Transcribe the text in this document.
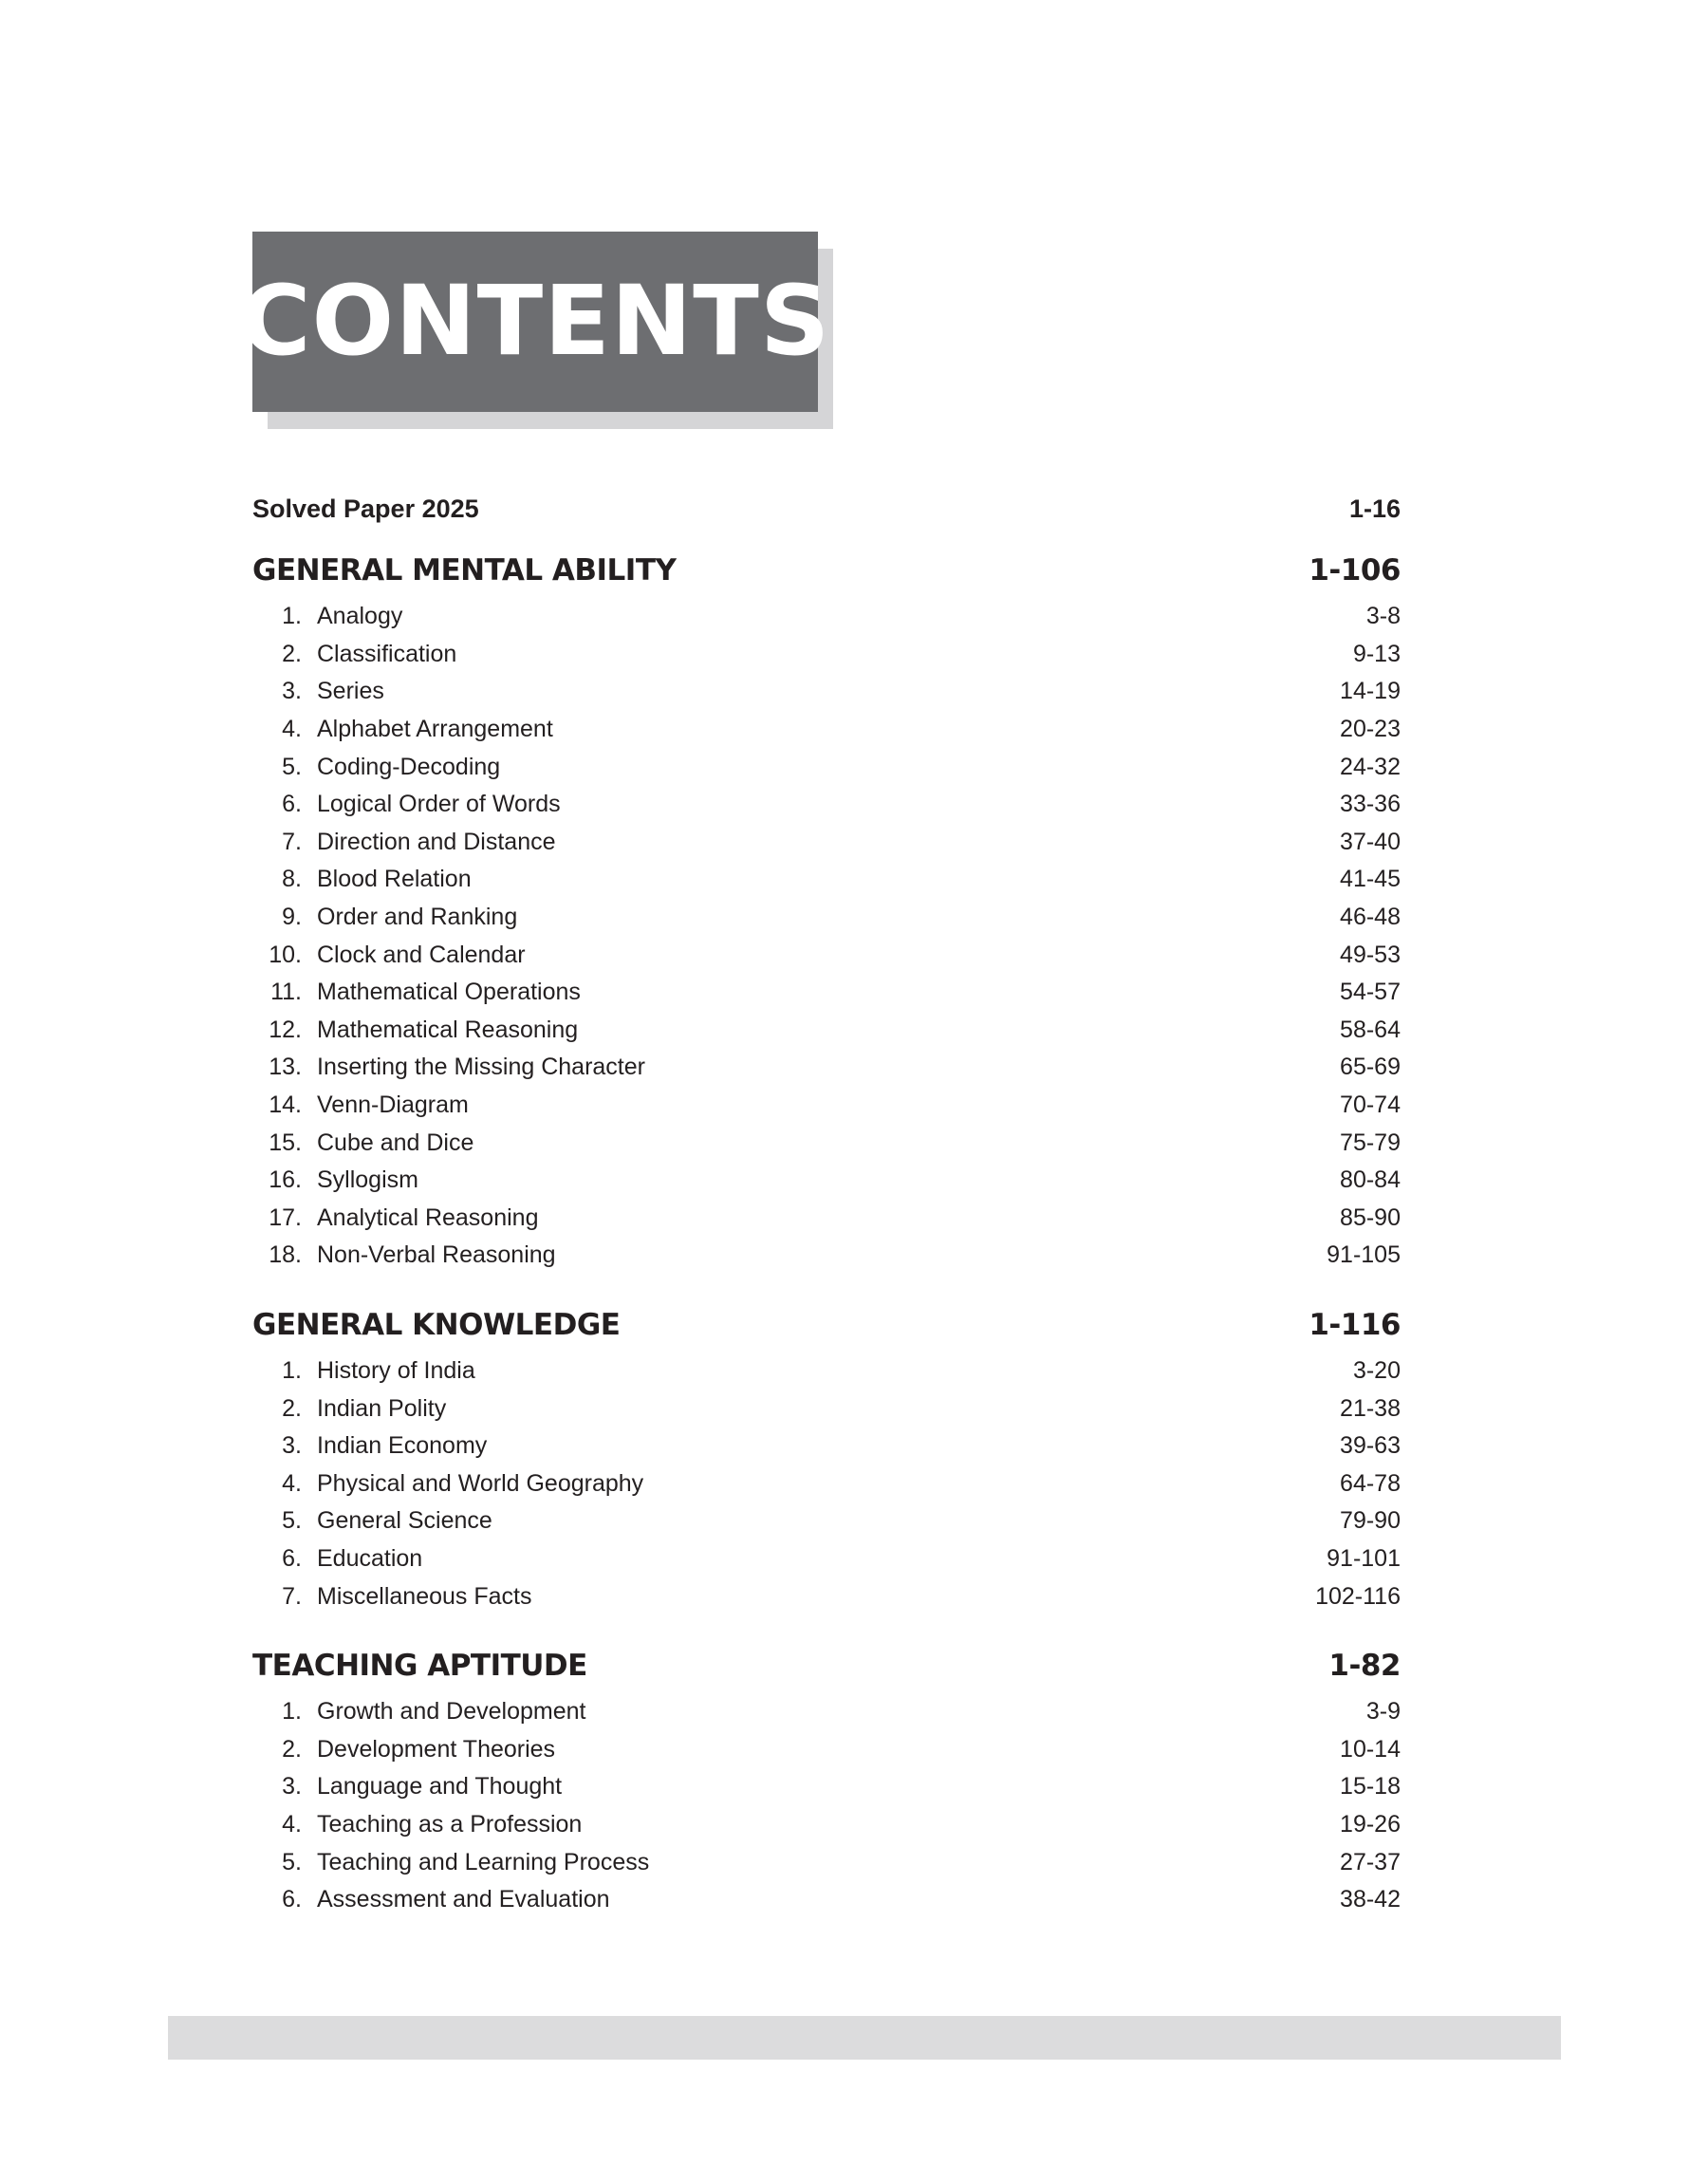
CONTENTS
Solved Paper 2025	1-16
GENERAL MENTAL ABILITY	1-106
1. Analogy	3-8
2. Classification	9-13
3. Series	14-19
4. Alphabet Arrangement	20-23
5. Coding-Decoding	24-32
6. Logical Order of Words	33-36
7. Direction and Distance	37-40
8. Blood Relation	41-45
9. Order and Ranking	46-48
10. Clock and Calendar	49-53
11. Mathematical Operations	54-57
12. Mathematical Reasoning	58-64
13. Inserting the Missing Character	65-69
14. Venn-Diagram	70-74
15. Cube and Dice	75-79
16. Syllogism	80-84
17. Analytical Reasoning	85-90
18. Non-Verbal Reasoning	91-105
GENERAL KNOWLEDGE	1-116
1. History of India	3-20
2. Indian Polity	21-38
3. Indian Economy	39-63
4. Physical and World Geography	64-78
5. General Science	79-90
6. Education	91-101
7. Miscellaneous Facts	102-116
TEACHING APTITUDE	1-82
1. Growth and Development	3-9
2. Development Theories	10-14
3. Language and Thought	15-18
4. Teaching as a Profession	19-26
5. Teaching and Learning Process	27-37
6. Assessment and Evaluation	38-42
